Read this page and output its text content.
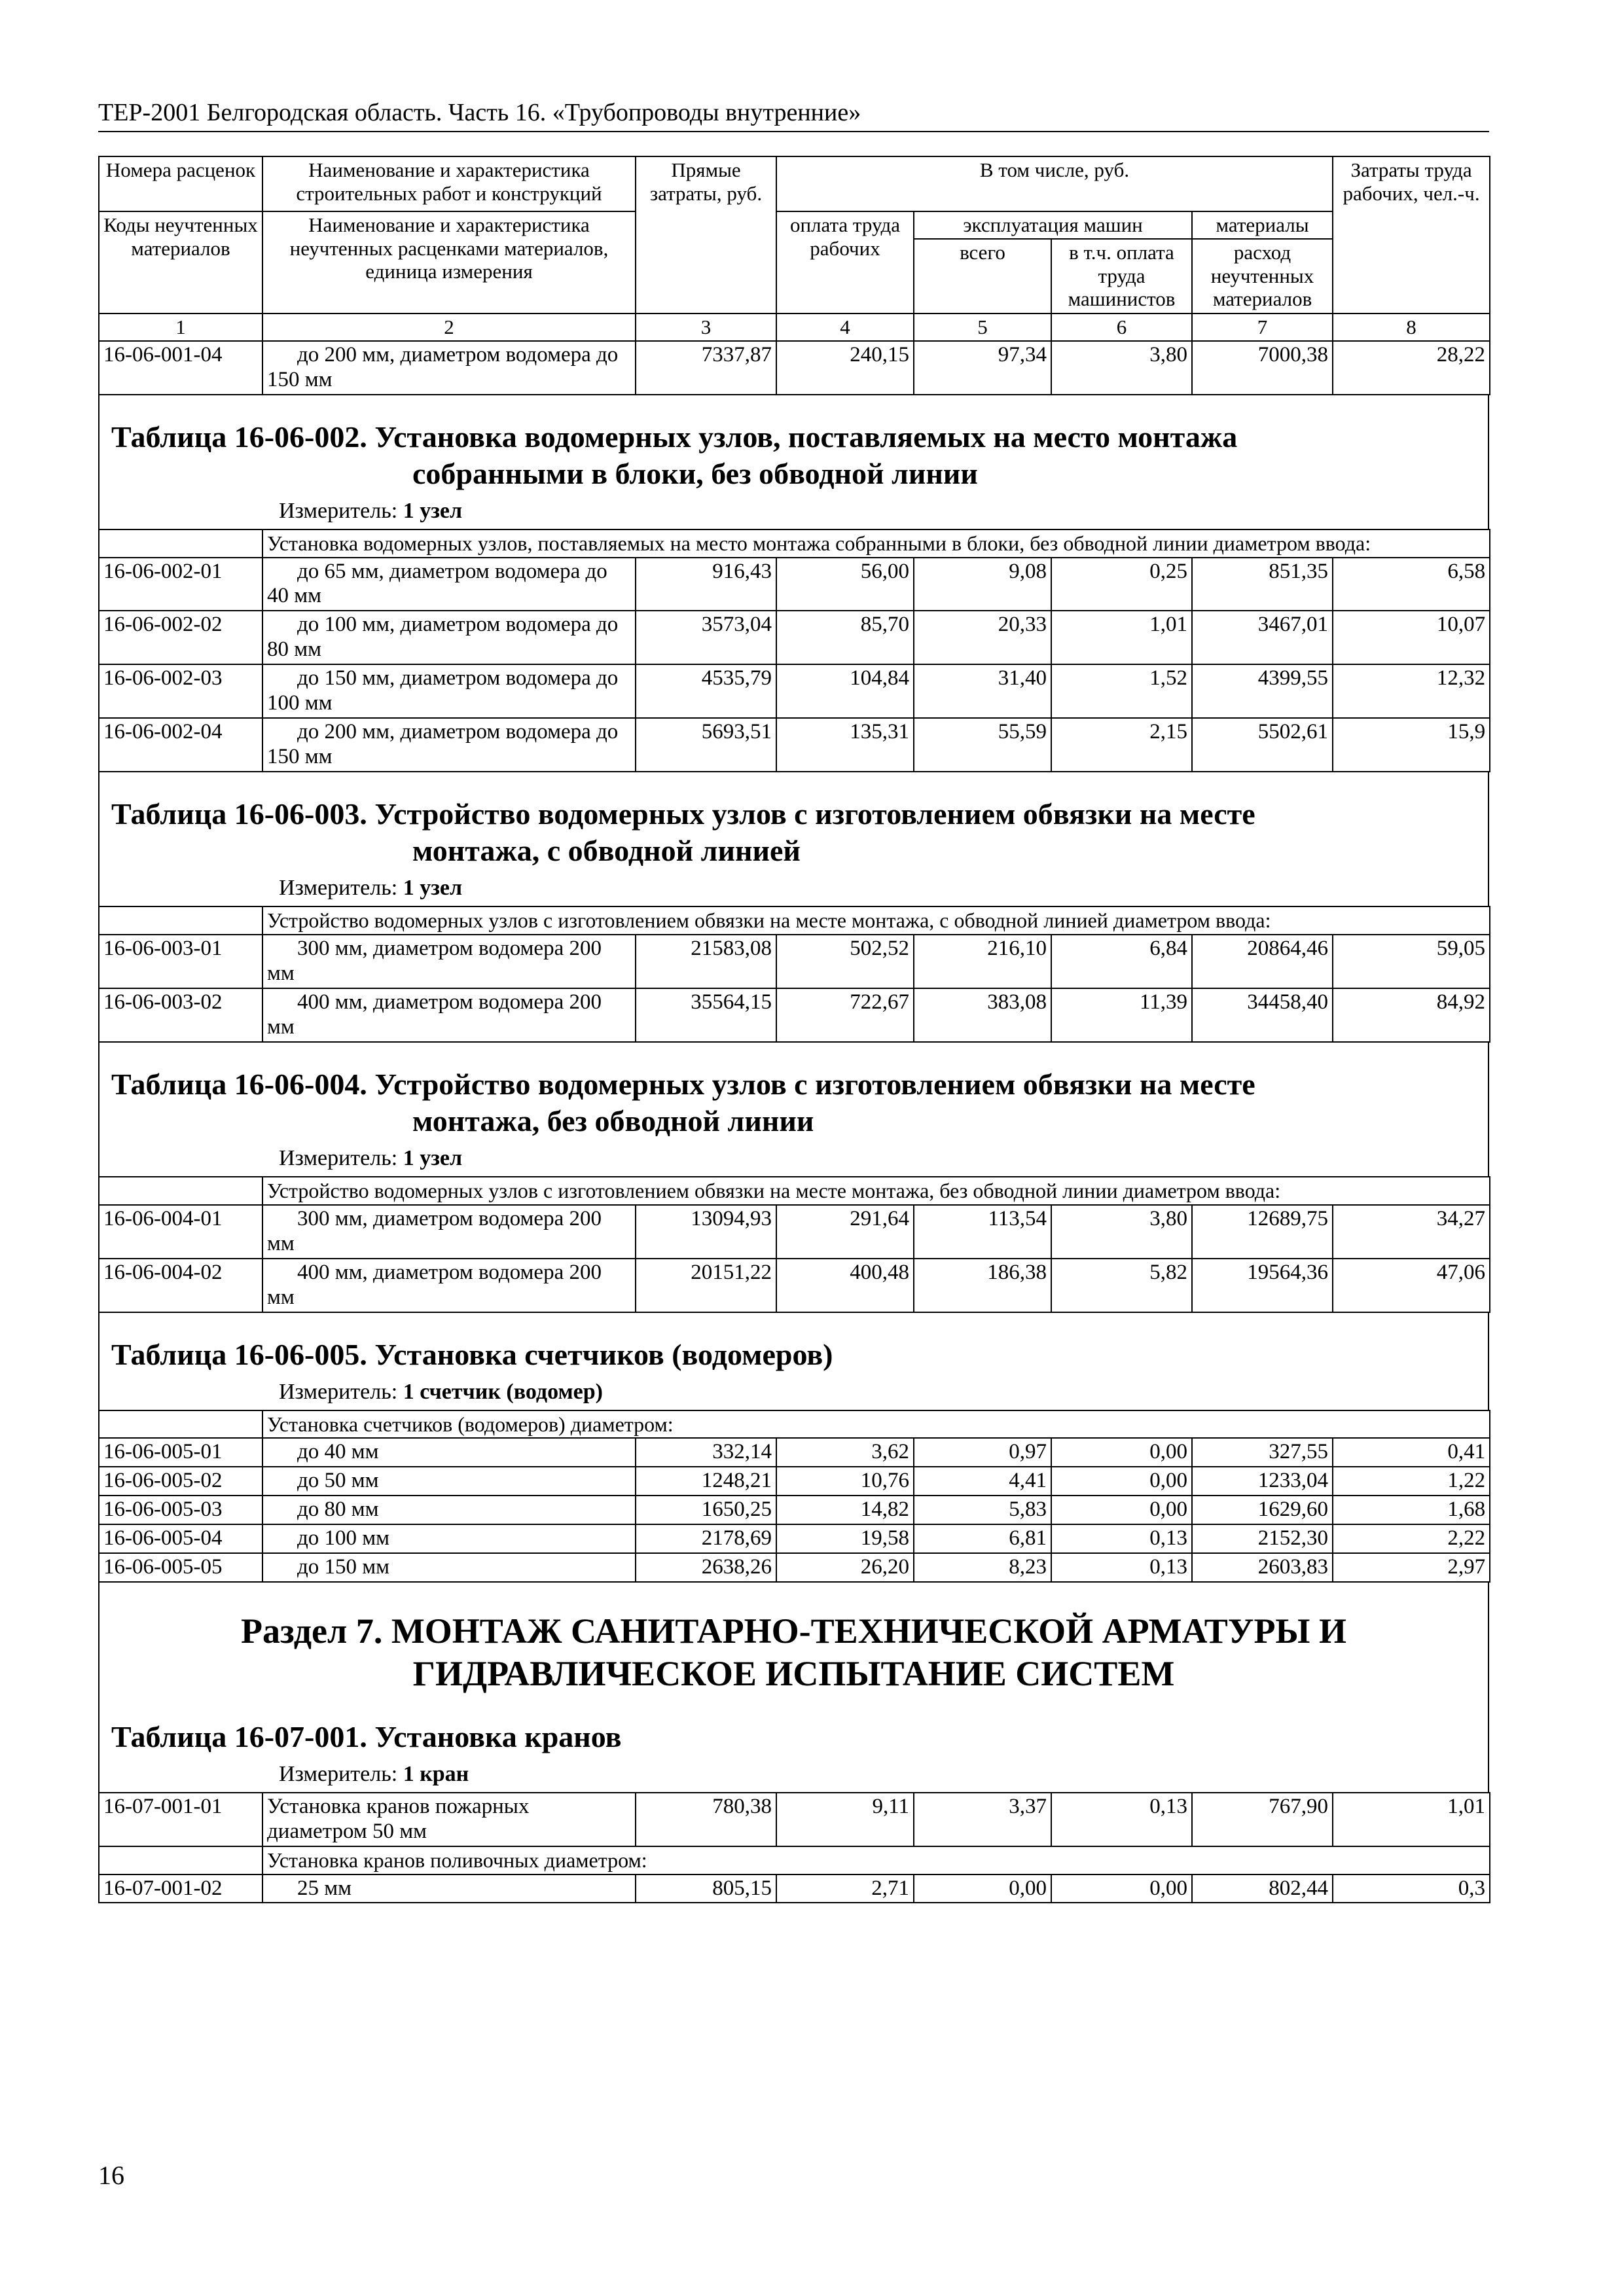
ТЕР-2001 Белгородская область. Часть 16. «Трубопроводы внутренние»
Номера расценок	Наименование и характеристика строительных работ и конструкций	Прямые затраты, руб.	В том числе, руб.				Затраты труда рабочих, чел.-ч.
Коды неучтенных материалов	Наименование и характеристика неучтенных расценками материалов, единица измерения		оплата труда рабочих	эксплуатация машин		материалы	
				всего	в т.ч. оплата труда машинистов	расход неучтенных материалов	
1	2	3	4	5	6	7	8
16-06-001-04	до 200 мм, диаметром водомера до 150 мм	7337,87	240,15	97,34	3,80	7000,38	28,22
Таблица 16-06-002. Установка водомерных узлов, поставляемых на место монтажа
собранными в блоки, без обводной линии
Измеритель: 1 узел
	Установка водомерных узлов, поставляемых на место монтажа собранными в блоки, без обводной линии диаметром ввода:						
16-06-002-01	до 65 мм, диаметром водомера до 40 мм	916,43	56,00	9,08	0,25	851,35	6,58
16-06-002-02	до 100 мм, диаметром водомера до 80 мм	3573,04	85,70	20,33	1,01	3467,01	10,07
16-06-002-03	до 150 мм, диаметром водомера до 100 мм	4535,79	104,84	31,40	1,52	4399,55	12,32
16-06-002-04	до 200 мм, диаметром водомера до 150 мм	5693,51	135,31	55,59	2,15	5502,61	15,9
Таблица 16-06-003. Устройство водомерных узлов с изготовлением обвязки на месте
монтажа, с обводной линией
Измеритель: 1 узел
	Устройство водомерных узлов с изготовлением обвязки на месте монтажа, с обводной линией диаметром ввода:						
16-06-003-01	300 мм, диаметром водомера 200 мм	21583,08	502,52	216,10	6,84	20864,46	59,05
16-06-003-02	400 мм, диаметром водомера 200 мм	35564,15	722,67	383,08	11,39	34458,40	84,92
Таблица 16-06-004. Устройство водомерных узлов с изготовлением обвязки на месте
монтажа, без обводной линии
Измеритель: 1 узел
	Устройство водомерных узлов с изготовлением обвязки на месте монтажа, без обводной линии диаметром ввода:						
16-06-004-01	300 мм, диаметром водомера 200 мм	13094,93	291,64	113,54	3,80	12689,75	34,27
16-06-004-02	400 мм, диаметром водомера 200 мм	20151,22	400,48	186,38	5,82	19564,36	47,06
Таблица 16-06-005. Установка счетчиков (водомеров)
Измеритель: 1 счетчик (водомер)
	Установка счетчиков (водомеров) диаметром:						
16-06-005-01	до 40 мм	332,14	3,62	0,97	0,00	327,55	0,41
16-06-005-02	до 50 мм	1248,21	10,76	4,41	0,00	1233,04	1,22
16-06-005-03	до 80 мм	1650,25	14,82	5,83	0,00	1629,60	1,68
16-06-005-04	до 100 мм	2178,69	19,58	6,81	0,13	2152,30	2,22
16-06-005-05	до 150 мм	2638,26	26,20	8,23	0,13	2603,83	2,97
Раздел 7. МОНТАЖ САНИТАРНО-ТЕХНИЧЕСКОЙ АРМАТУРЫ И
ГИДРАВЛИЧЕСКОЕ ИСПЫТАНИЕ СИСТЕМ
Таблица 16-07-001. Установка кранов
Измеритель: 1 кран
16-07-001-01	Установка кранов пожарных диаметром 50 мм	780,38	9,11	3,37	0,13	767,90	1,01
	Установка кранов поливочных диаметром:						
16-07-001-02	25 мм	805,15	2,71	0,00	0,00	802,44	0,3
16
